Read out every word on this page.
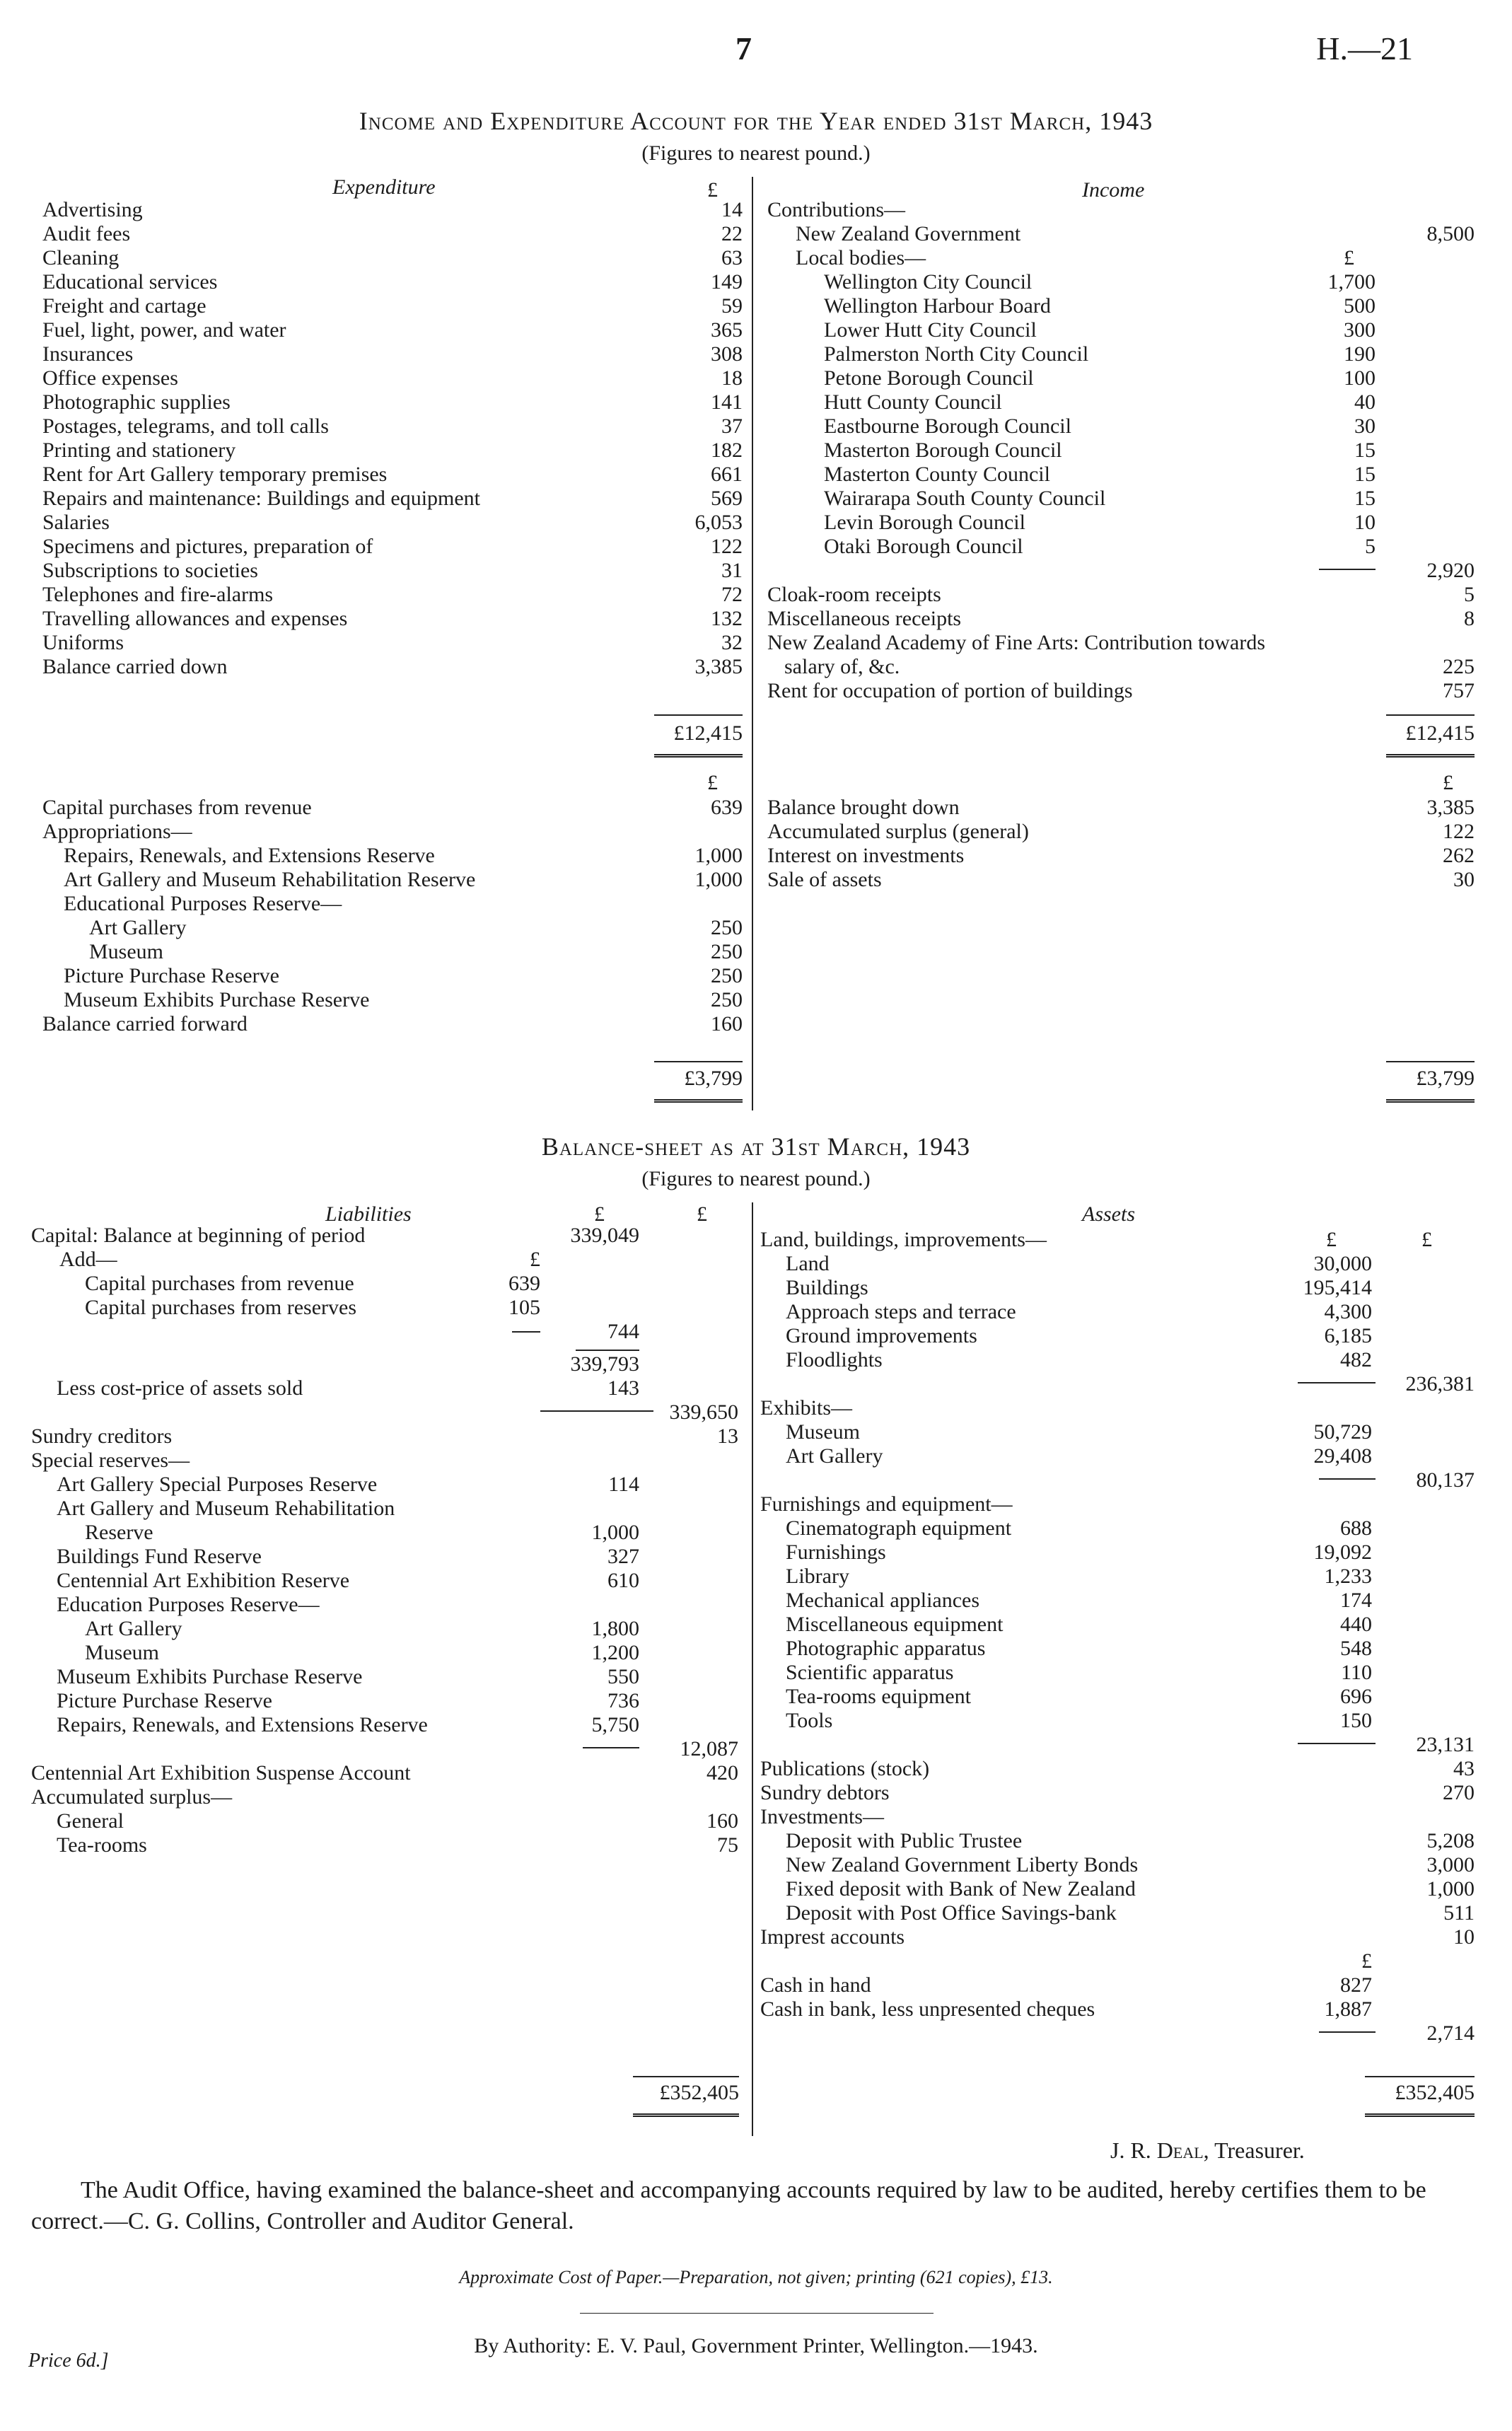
7	H.—21
Income and Expenditure Account for the Year ended 31st March, 1943
(Figures to nearest pound.)
Expenditure	£	Income
Advertising	14
Audit fees	22
Cleaning	63
Educational services	149
Freight and cartage	59
Fuel, light, power, and water	365
Insurances	308
Office expenses	18
Photographic supplies	141
Postages, telegrams, and toll calls	37
Printing and stationery	182
Rent for Art Gallery temporary premises	661
Repairs and maintenance: Buildings and equipment	569
Salaries	6,053
Specimens and pictures, preparation of	122
Subscriptions to societies	31
Telephones and fire-alarms	72
Travelling allowances and expenses	132
Uniforms	32
Balance carried down	3,385
Contributions—
New Zealand Government	8,500
Local bodies—	£
Wellington City Council	1,700
Wellington Harbour Board	500
Lower Hutt City Council	300
Palmerston North City Council	190
Petone Borough Council	100
Hutt County Council	40
Eastbourne Borough Council	30
Masterton Borough Council	15
Masterton County Council	15
Wairarapa South County Council	15
Levin Borough Council	10
Otaki Borough Council	5
2,920
Cloak-room receipts	5
Miscellaneous receipts	8
New Zealand Academy of Fine Arts: Contribution towards
salary of, &c.	225
Rent for occupation of portion of buildings	757
£12,415	£12,415
£	£
Capital purchases from revenue	639
Appropriations—
Repairs, Renewals, and Extensions Reserve	1,000
Art Gallery and Museum Rehabilitation Reserve	1,000
Educational Purposes Reserve—
Art Gallery	250
Museum	250
Picture Purchase Reserve	250
Museum Exhibits Purchase Reserve	250
Balance carried forward	160
Balance brought down	3,385
Accumulated surplus (general)	122
Interest on investments	262
Sale of assets	30
£3,799	£3,799
Balance-sheet as at 31st March, 1943
(Figures to nearest pound.)
Liabilities	£	£	Assets
£	£
Capital: Balance at beginning of period	339,049
Add—	£
Capital purchases from revenue	639
Capital purchases from reserves	105
744
339,793
Less cost-price of assets sold	143
339,650
Sundry creditors	13
Special reserves—
Art Gallery Special Purposes Reserve	114
Art Gallery and Museum Rehabilitation
Reserve	1,000
Buildings Fund Reserve	327
Centennial Art Exhibition Reserve	610
Education Purposes Reserve—
Art Gallery	1,800
Museum	1,200
Museum Exhibits Purchase Reserve	550
Picture Purchase Reserve	736
Repairs, Renewals, and Extensions Reserve	5,750
12,087
Centennial Art Exhibition Suspense Account	420
Accumulated surplus—
General	160
Tea-rooms	75
Land, buildings, improvements—
Land	30,000
Buildings	195,414
Approach steps and terrace	4,300
Ground improvements	6,185
Floodlights	482
236,381
Exhibits—
Museum	50,729
Art Gallery	29,408
80,137
Furnishings and equipment—
Cinematograph equipment	688
Furnishings	19,092
Library	1,233
Mechanical appliances	174
Miscellaneous equipment	440
Photographic apparatus	548
Scientific apparatus	110
Tea-rooms equipment	696
Tools	150
23,131
Publications (stock)	43
Sundry debtors	270
Investments—
Deposit with Public Trustee	5,208
New Zealand Government Liberty Bonds	3,000
Fixed deposit with Bank of New Zealand	1,000
Deposit with Post Office Savings-bank	511
Imprest accounts	10
£
Cash in hand	827
Cash in bank, less unpresented cheques	1,887
2,714
£352,405	£352,405
J. R. Deal, Treasurer.
The Audit Office, having examined the balance-sheet and accompanying accounts required by law to be audited, hereby certifies them to be correct.—C. G. Collins, Controller and Auditor General.
Approximate Cost of Paper.—Preparation, not given; printing (621 copies), £13.
Price 6d.]
By Authority: E. V. Paul, Government Printer, Wellington.—1943.
